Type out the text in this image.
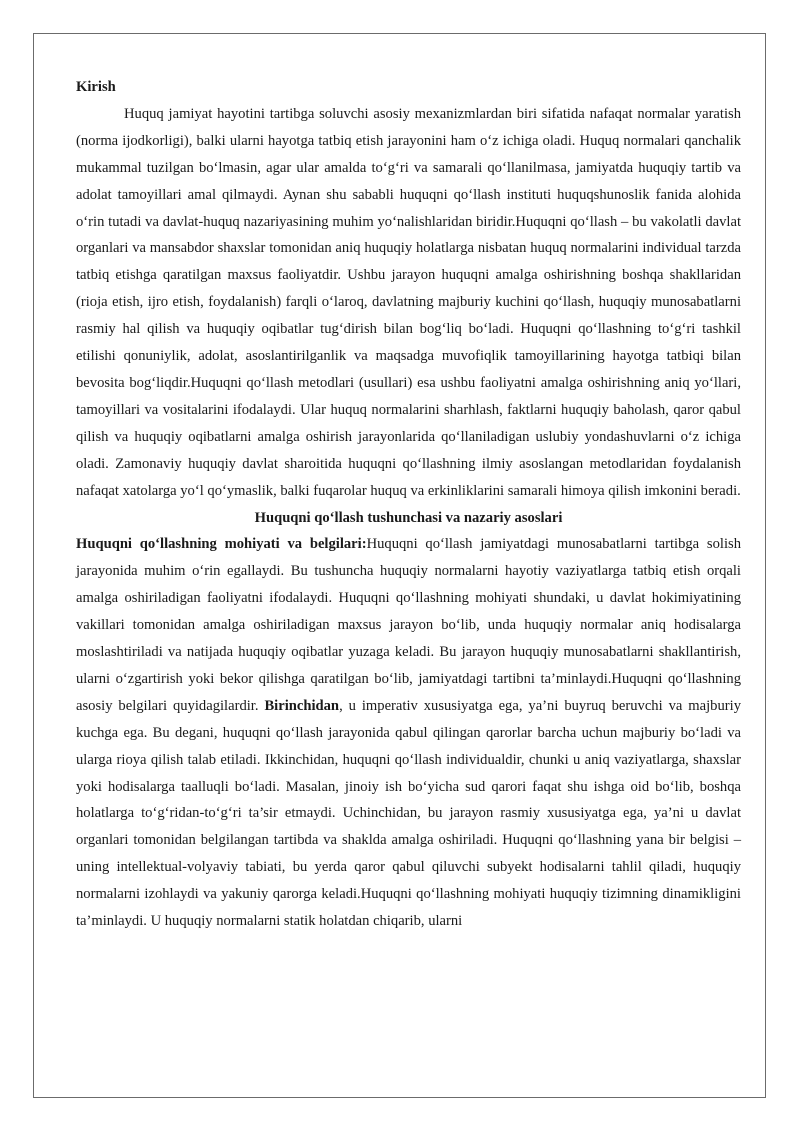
Kirish

Huquq jamiyat hayotini tartibga soluvchi asosiy mexanizmlardan biri sifatida nafaqat normalar yaratish (norma ijodkorligi), balki ularni hayotga tatbiq etish jarayonini ham o‘z ichiga oladi. Huquq normalari qanchalik mukammal tuzilgan bo‘lmasin, agar ular amalda to‘g‘ri va samarali qo‘llanilmasa, jamiyatda huquqiy tartib va adolat tamoyillari amal qilmaydi. Aynan shu sababli huquqni qo‘llash instituti huquqshunoslik fanida alohida o‘rin tutadi va davlat-huquq nazariyasining muhim yo‘nalishlaridan biridir.Huquqni qo‘llash – bu vakolatli davlat organlari va mansabdor shaxslar tomonidan aniq huquqiy holatlarga nisbatan huquq normalarini individual tarzda tatbiq etishga qaratilgan maxsus faoliyatdir. Ushbu jarayon huquqni amalga oshirishning boshqa shakllaridan (rioja etish, ijro etish, foydalanish) farqli o‘laroq, davlatning majburiy kuchini qo‘llash, huquqiy munosabatlarni rasmiy hal qilish va huquqiy oqibatlar tug‘dirish bilan bog‘liq bo‘ladi. Huquqni qo‘llashning to‘g‘ri tashkil etilishi qonuniylik, adolat, asoslantirilganlik va maqsadga muvofiqlik tamoyillarining hayotga tatbiqi bilan bevosita bog‘liqdir.Huquqni qo‘llash metodlari (usullari) esa ushbu faoliyatni amalga oshirishning aniq yo‘llari, tamoyillari va vositalarini ifodalaydi. Ular huquq normalarini sharhlash, faktlarni huquqiy baholash, qaror qabul qilish va huquqiy oqibatlarni amalga oshirish jarayonlarida qo‘llaniladigan uslubiy yondashuvlarni o‘z ichiga oladi. Zamonaviy huquqiy davlat sharoitida huquqni qo‘llashning ilmiy asoslangan metodlaridan foydalanish nafaqat xatolarga yo‘l qo‘ymaslik, balki fuqarolar huquq va erkinliklarini samarali himoya qilish imkonini beradi.

Huquqni qo‘llash tushunchasi va nazariy asoslari

Huquqni qo‘llashning mohiyati va belgilari:Huquqni qo‘llash jamiyatdagi munosabatlarni tartibga solish jarayonida muhim o‘rin egallaydi. Bu tushuncha huquqiy normalarni hayotiy vaziyatlarga tatbiq etish orqali amalga oshiriladigan faoliyatni ifodalaydi. Huquqni qo‘llashning mohiyati shundaki, u davlat hokimiyatining vakillari tomonidan amalga oshiriladigan maxsus jarayon bo‘lib, unda huquqiy normalar aniq hodisalarga moslashtiriladi va natijada huquqiy oqibatlar yuzaga keladi. Bu jarayon huquqiy munosabatlarni shakllantirish, ularni o‘zgartirish yoki bekor qilishga qaratilgan bo‘lib, jamiyatdagi tartibni ta’minlaydi.Huquqni qo‘llashning asosiy belgilari quyidagilardir. Birinchidan, u imperativ xususiyatga ega, ya’ni buyruq beruvchi va majburiy kuchga ega. Bu degani, huquqni qo‘llash jarayonida qabul qilingan qarorlar barcha uchun majburiy bo‘ladi va ularga rioya qilish talab etiladi. Ikkinchidan, huquqni qo‘llash individualdir, chunki u aniq vaziyatlarga, shaxslar yoki hodisalarga taalluqli bo‘ladi. Masalan, jinoiy ish bo‘yicha sud qarori faqat shu ishga oid bo‘lib, boshqa holatlarga to‘g‘ridan-to‘g‘ri ta’sir etmaydi. Uchinchidan, bu jarayon rasmiy xususiyatga ega, ya’ni u davlat organlari tomonidan belgilangan tartibda va shaklda amalga oshiriladi. Huquqni qo‘llashning yana bir belgisi – uning intellektual-volyaviy tabiati, bu yerda qaror qabul qiluvchi subyekt hodisalarni tahlil qiladi, huquqiy normalarni izohlaydi va yakuniy qarorga keladi.Huquqni qo‘llashning mohiyati huquqiy tizimning dinamikligini ta’minlaydi. U huquqiy normalarni statik holatdan chiqarib, ularni
